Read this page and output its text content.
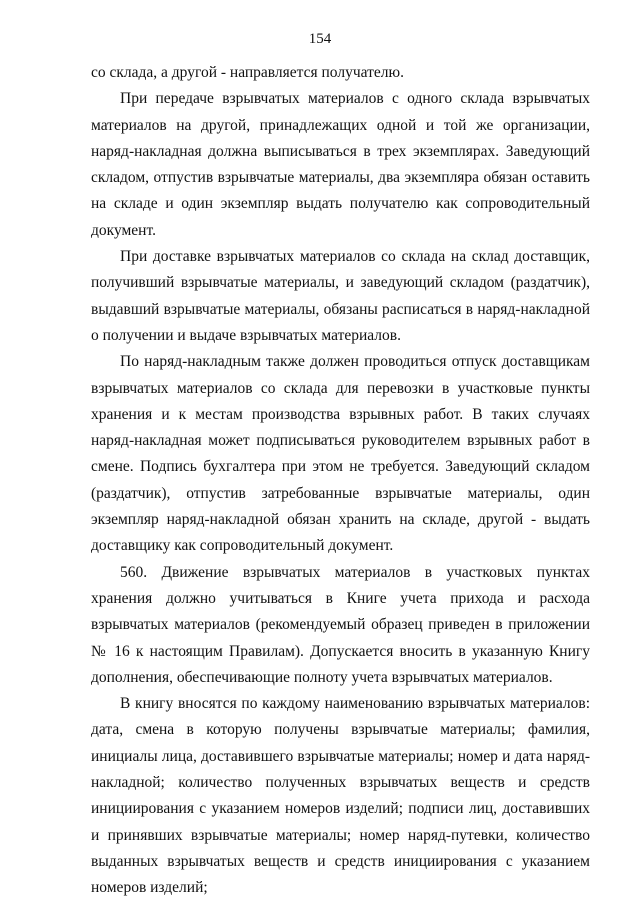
154

со склада, а другой - направляется получателю.

При передаче взрывчатых материалов с одного склада взрывчатых материалов на другой, принадлежащих одной и той же организации, наряд-накладная должна выписываться в трех экземплярах. Заведующий складом, отпустив взрывчатые материалы, два экземпляра обязан оставить на складе и один экземпляр выдать получателю как сопроводительный документ.

При доставке взрывчатых материалов со склада на склад доставщик, получивший взрывчатые материалы, и заведующий складом (раздатчик), выдавший взрывчатые материалы, обязаны расписаться в наряд-накладной о получении и выдаче взрывчатых материалов.

По наряд-накладным также должен проводиться отпуск доставщикам взрывчатых материалов со склада для перевозки в участковые пункты хранения и к местам производства взрывных работ. В таких случаях наряд-накладная может подписываться руководителем взрывных работ в смене. Подпись бухгалтера при этом не требуется. Заведующий складом (раздатчик), отпустив затребованные взрывчатые материалы, один экземпляр наряд-накладной обязан хранить на складе, другой - выдать доставщику как сопроводительный документ.

560. Движение взрывчатых материалов в участковых пунктах хранения должно учитываться в Книге учета прихода и расхода взрывчатых материалов (рекомендуемый образец приведен в приложении № 16 к настоящим Правилам). Допускается вносить в указанную Книгу дополнения, обеспечивающие полноту учета взрывчатых материалов.

В книгу вносятся по каждому наименованию взрывчатых материалов: дата, смена в которую получены взрывчатые материалы; фамилия, инициалы лица, доставившего взрывчатые материалы; номер и дата наряд-накладной; количество полученных взрывчатых веществ и средств инициирования с указанием номеров изделий; подписи лиц, доставивших и принявших взрывчатые материалы; номер наряд-путевки, количество выданных взрывчатых веществ и средств инициирования с указанием номеров изделий;
